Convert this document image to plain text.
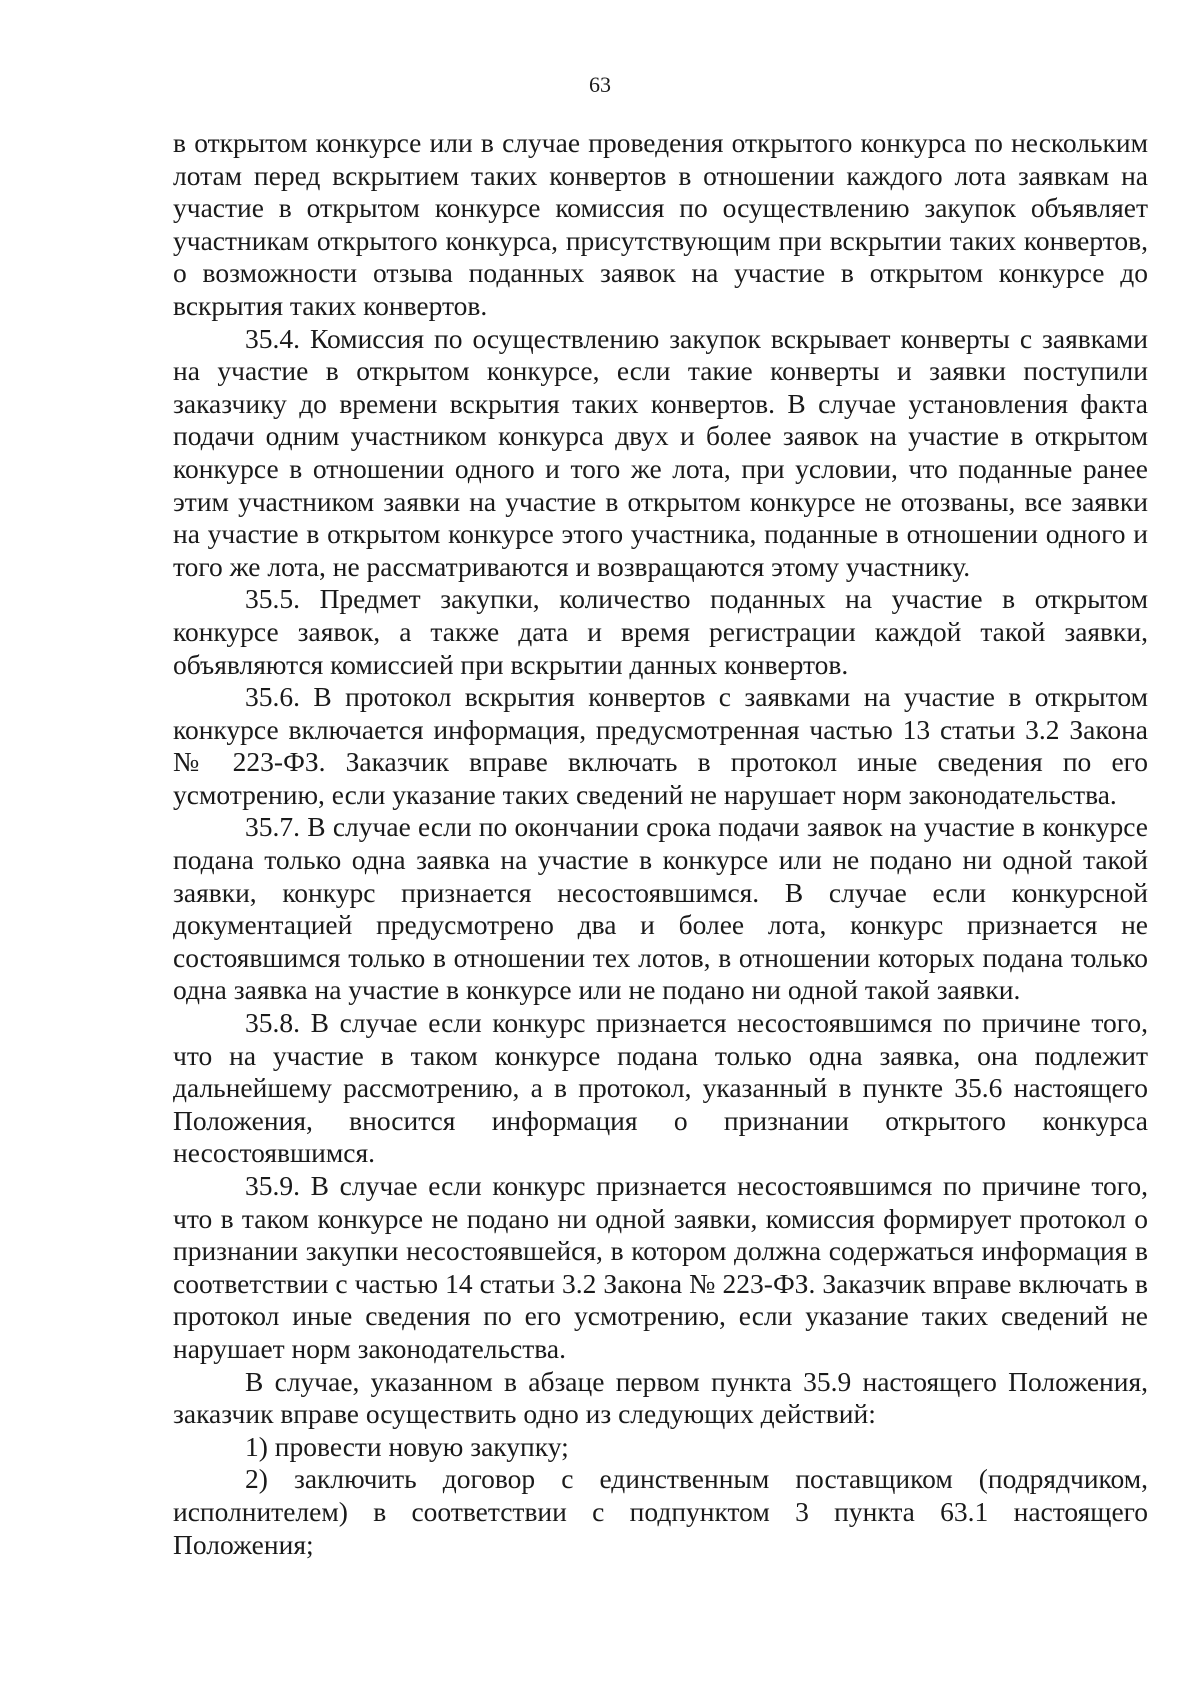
63

в открытом конкурсе или в случае проведения открытого конкурса по нескольким лотам перед вскрытием таких конвертов в отношении каждого лота заявкам на участие в открытом конкурсе комиссия по осуществлению закупок объявляет участникам открытого конкурса, присутствующим при вскрытии таких конвертов, о возможности отзыва поданных заявок на участие в открытом конкурсе до вскрытия таких конвертов.

35.4. Комиссия по осуществлению закупок вскрывает конверты с заявками на участие в открытом конкурсе, если такие конверты и заявки поступили заказчику до времени вскрытия таких конвертов. В случае установления факта подачи одним участником конкурса двух и более заявок на участие в открытом конкурсе в отношении одного и того же лота, при условии, что поданные ранее этим участником заявки на участие в открытом конкурсе не отозваны, все заявки на участие в открытом конкурсе этого участника, поданные в отношении одного и того же лота, не рассматриваются и возвращаются этому участнику.

35.5. Предмет закупки, количество поданных на участие в открытом конкурсе заявок, а также дата и время регистрации каждой такой заявки, объявляются комиссией при вскрытии данных конвертов.

35.6. В протокол вскрытия конвертов с заявками на участие в открытом конкурсе включается информация, предусмотренная частью 13 статьи 3.2 Закона № 223-ФЗ. Заказчик вправе включать в протокол иные сведения по его усмотрению, если указание таких сведений не нарушает норм законодательства.

35.7. В случае если по окончании срока подачи заявок на участие в конкурсе подана только одна заявка на участие в конкурсе или не подано ни одной такой заявки, конкурс признается несостоявшимся. В случае если конкурсной документацией предусмотрено два и более лота, конкурс признается не состоявшимся только в отношении тех лотов, в отношении которых подана только одна заявка на участие в конкурсе или не подано ни одной такой заявки.

35.8. В случае если конкурс признается несостоявшимся по причине того, что на участие в таком конкурсе подана только одна заявка, она подлежит дальнейшему рассмотрению, а в протокол, указанный в пункте 35.6 настоящего Положения, вносится информация о признании открытого конкурса несостоявшимся.

35.9. В случае если конкурс признается несостоявшимся по причине того, что в таком конкурсе не подано ни одной заявки, комиссия формирует протокол о признании закупки несостоявшейся, в котором должна содержаться информация в соответствии с частью 14 статьи 3.2 Закона № 223-ФЗ. Заказчик вправе включать в протокол иные сведения по его усмотрению, если указание таких сведений не нарушает норм законодательства.

В случае, указанном в абзаце первом пункта 35.9 настоящего Положения, заказчик вправе осуществить одно из следующих действий:

1) провести новую закупку;

2) заключить договор с единственным поставщиком (подрядчиком, исполнителем) в соответствии с подпунктом 3 пункта 63.1 настоящего Положения;
